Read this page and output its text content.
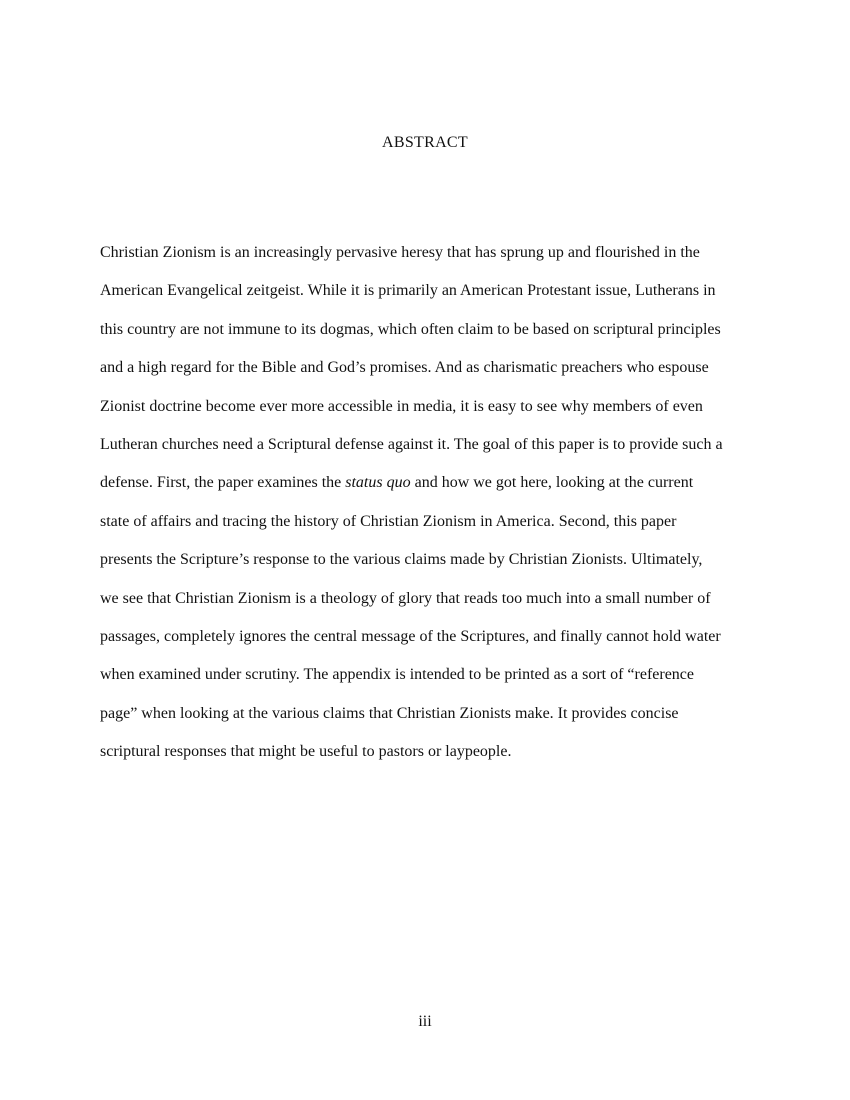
ABSTRACT
Christian Zionism is an increasingly pervasive heresy that has sprung up and flourished in the
American Evangelical zeitgeist. While it is primarily an American Protestant issue, Lutherans in
this country are not immune to its dogmas, which often claim to be based on scriptural principles
and a high regard for the Bible and God’s promises. And as charismatic preachers who espouse
Zionist doctrine become ever more accessible in media, it is easy to see why members of even
Lutheran churches need a Scriptural defense against it. The goal of this paper is to provide such a
defense. First, the paper examines the status quo and how we got here, looking at the current
state of affairs and tracing the history of Christian Zionism in America. Second, this paper
presents the Scripture’s response to the various claims made by Christian Zionists. Ultimately,
we see that Christian Zionism is a theology of glory that reads too much into a small number of
passages, completely ignores the central message of the Scriptures, and finally cannot hold water
when examined under scrutiny. The appendix is intended to be printed as a sort of “reference
page” when looking at the various claims that Christian Zionists make. It provides concise
scriptural responses that might be useful to pastors or laypeople.
iii
